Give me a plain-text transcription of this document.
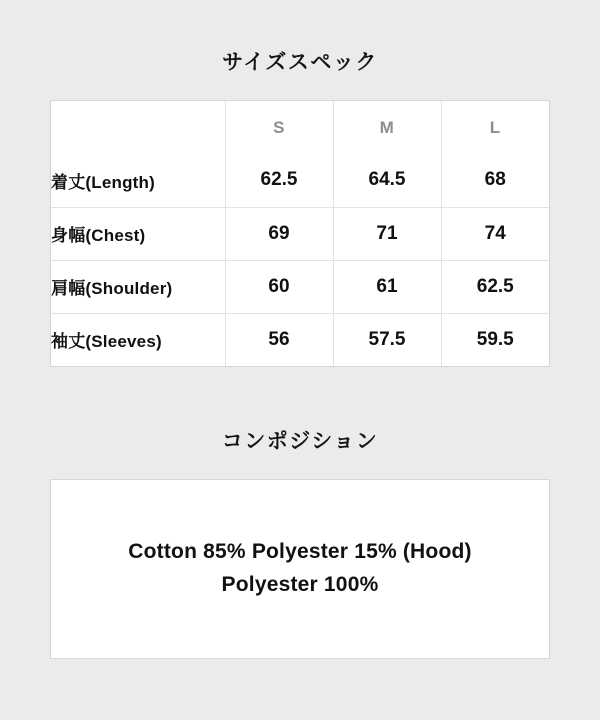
サイズスペック
	S	M	L
着丈(Length)	62.5	64.5	68
身幅(Chest)	69	71	74
肩幅(Shoulder)	60	61	62.5
袖丈(Sleeves)	56	57.5	59.5
コンポジション
Cotton 85% Polyester 15% (Hood)
Polyester 100%
